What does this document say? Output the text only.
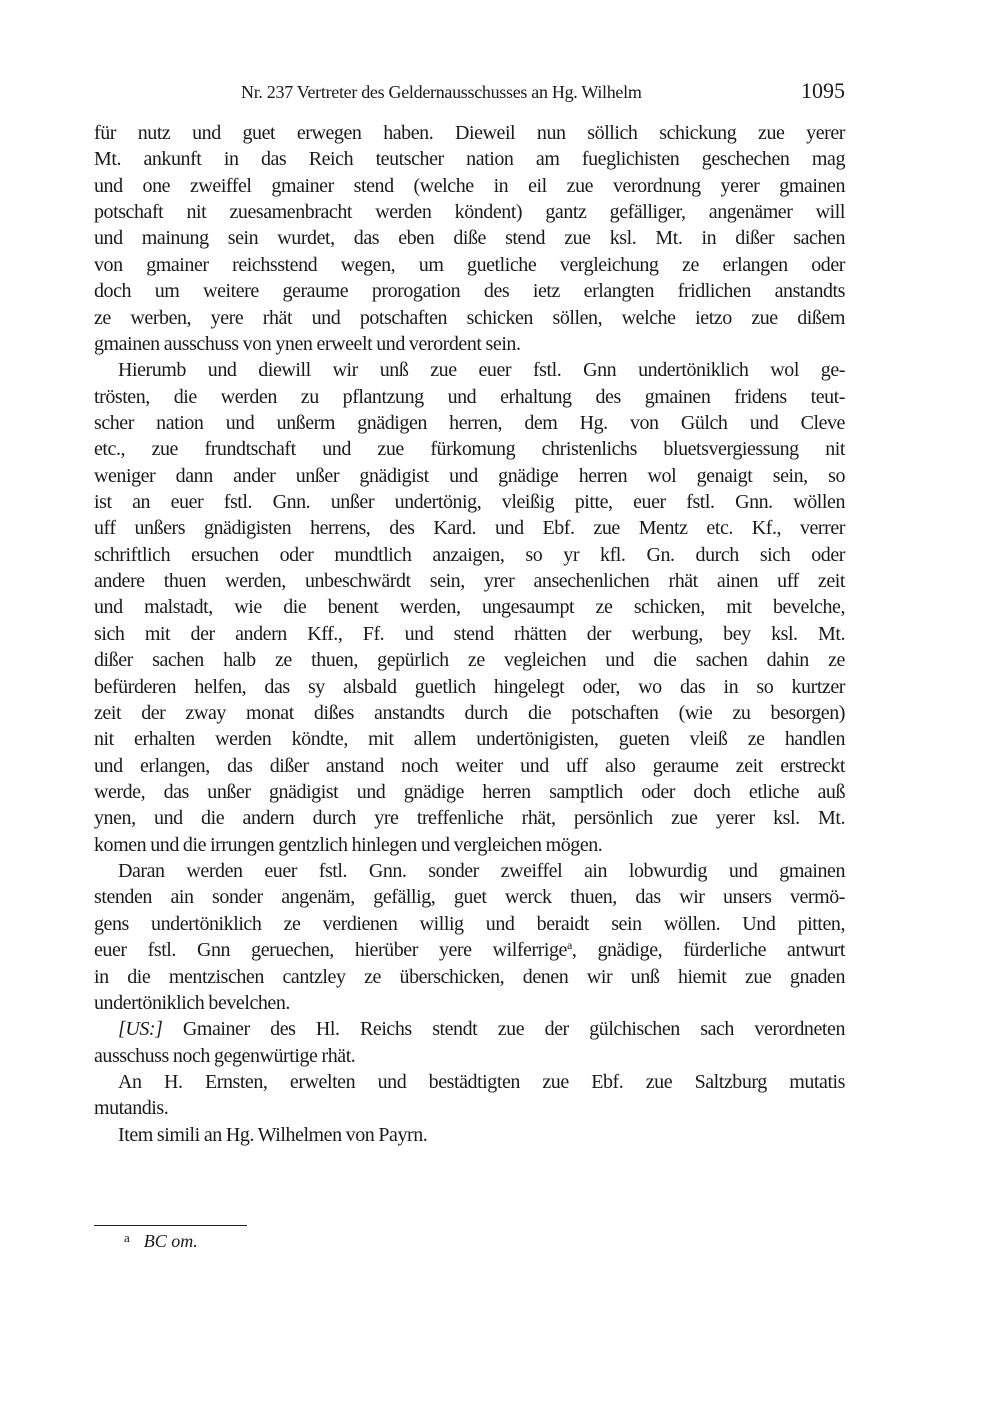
Nr. 237 Vertreter des Geldernausschusses an Hg. Wilhelm	1095
für nutz und guet erwegen haben. Dieweil nun söllich schickung zue yerer
Mt. ankunft in das Reich teutscher nation am fueglichisten geschechen mag
und one zweiffel gmainer stend (welche in eil zue verordnung yerer gmainen
potschaft nit zuesamenbracht werden köndent) gantz gefälliger, angenämer will
und mainung sein wurdet, das eben diße stend zue ksl. Mt. in dißer sachen
von gmainer reichsstend wegen, um guetliche vergleichung ze erlangen oder
doch um weitere geraume prorogation des ietz erlangten fridlichen anstandts
ze werben, yere rhät und potschaften schicken söllen, welche ietzo zue dißem
gmainen ausschuss von ynen erweelt und verordent sein.
Hierumb und diewill wir unß zue euer fstl. Gnn undertöniklich wol ge-
trösten, die werden zu pflantzung und erhaltung des gmainen fridens teut-
scher nation und unßerm gnädigen herren, dem Hg. von Gülch und Cleve
etc., zue frundtschaft und zue fürkomung christenlichs bluetsvergiessung nit
weniger dann ander unßer gnädigist und gnädige herren wol genaigt sein, so
ist an euer fstl. Gnn. unßer undertönig, vleißig pitte, euer fstl. Gnn. wöllen
uff unßers gnädigisten herrens, des Kard. und Ebf. zue Mentz etc. Kf., verrer
schriftlich ersuchen oder mundtlich anzaigen, so yr kfl. Gn. durch sich oder
andere thuen werden, unbeschwärdt sein, yrer ansechenlichen rhät ainen uff zeit
und malstadt, wie die benent werden, ungesaumpt ze schicken, mit bevelche,
sich mit der andern Kff., Ff. und stend rhätten der werbung, bey ksl. Mt.
dißer sachen halb ze thuen, gepürlich ze vegleichen und die sachen dahin ze
befürderen helfen, das sy alsbald guetlich hingelegt oder, wo das in so kurtzer
zeit der zway monat dißes anstandts durch die potschaften (wie zu besorgen)
nit erhalten werden köndte, mit allem undertönigisten, gueten vleiß ze handlen
und erlangen, das dißer anstand noch weiter und uff also geraume zeit erstreckt
werde, das unßer gnädigist und gnädige herren samptlich oder doch etliche auß
ynen, und die andern durch yre treffenliche rhät, persönlich zue yerer ksl. Mt.
komen und die irrungen gentzlich hinlegen und vergleichen mögen.
Daran werden euer fstl. Gnn. sonder zweiffel ain lobwurdig und gmainen
stenden ain sonder angenäm, gefällig, guet werck thuen, das wir unsers vermö-
gens undertöniklich ze verdienen willig und beraidt sein wöllen. Und pitten,
euer fstl. Gnn geruechen, hierüber yere wilferrige$^a$, gnädige, fürderliche antwurt
in die mentzischen cantzley ze überschicken, denen wir unß hiemit zue gnaden
undertöniklich bevelchen.
[US:] Gmainer des Hl. Reichs stendt zue der gülchischen sach verordneten
ausschuss noch gegenwürtige rhät.
An H. Ernsten, erwelten und bestädtigten zue Ebf. zue Saltzburg mutatis
mutandis.
Item simili an Hg. Wilhelmen von Payrn.
$^a$ BC om.
